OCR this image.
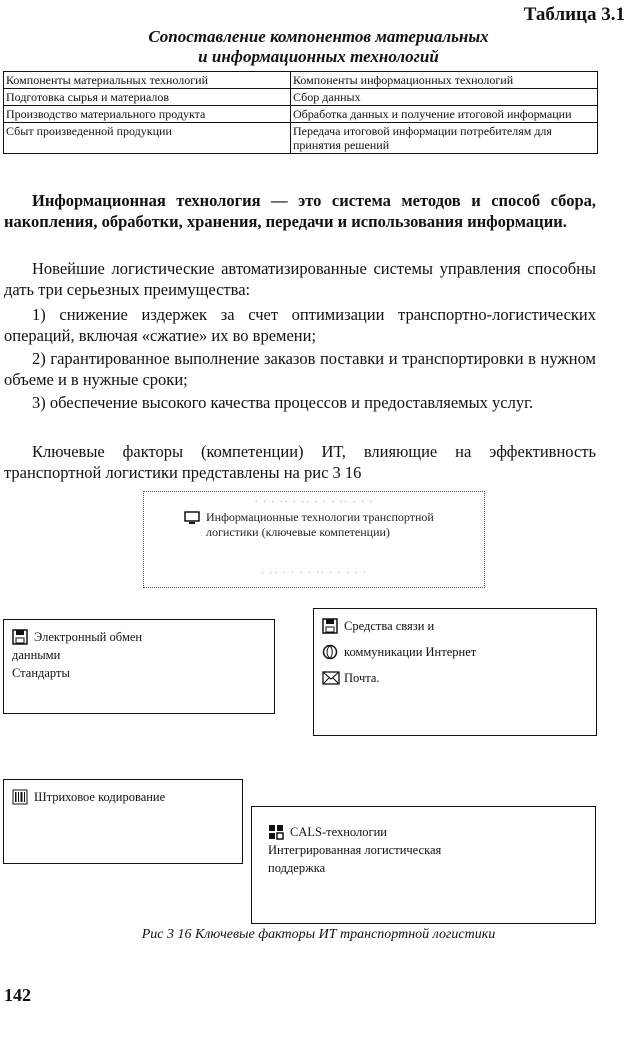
Таблица 3.1
Сопоставление компонентов материальных
и информационных технологий
Компоненты материальных технологий	Компоненты информационных технологий
Подготовка сырья и материалов	Сбор данных
Производство материального продукта	Обработка данных и получение итоговой информации
Сбыт произведенной продукции	Передача итоговой информации потребителям для принятия решений
Информационная технология — это система методов и способ сбора, накопления, обработки, хранения, передачи и использования информации.
Новейшие логистические автоматизированные системы управления способны дать три серьезных преимущества:
1) снижение издержек за счет оптимизации транспортно-логистических операций, включая «сжатие» их во времени;
2) гарантированное выполнение заказов поставки и транспортировки в нужном объеме и в нужные сроки;
3) обеспечение высокого качества процессов и предоставляемых услуг.
Ключевые факторы (компетенции) ИТ, влияющие на эффективность транспортной логистики представлены на рис 3 16
· · · ·· · ·· · · · ·· · · ·
Информационные технологии транспортной логистики (ключевые компетенции)
· ·· · · · · ·· · · · · ·
Электронный обмен
данными
Стандарты
Средства связи и
коммуникации Интернет
Почта.
Штриховое кодирование
CALS-технологии
Интегрированная логистическая
поддержка
Рис 3 16 Ключевые факторы ИТ транспортной логистики
142
